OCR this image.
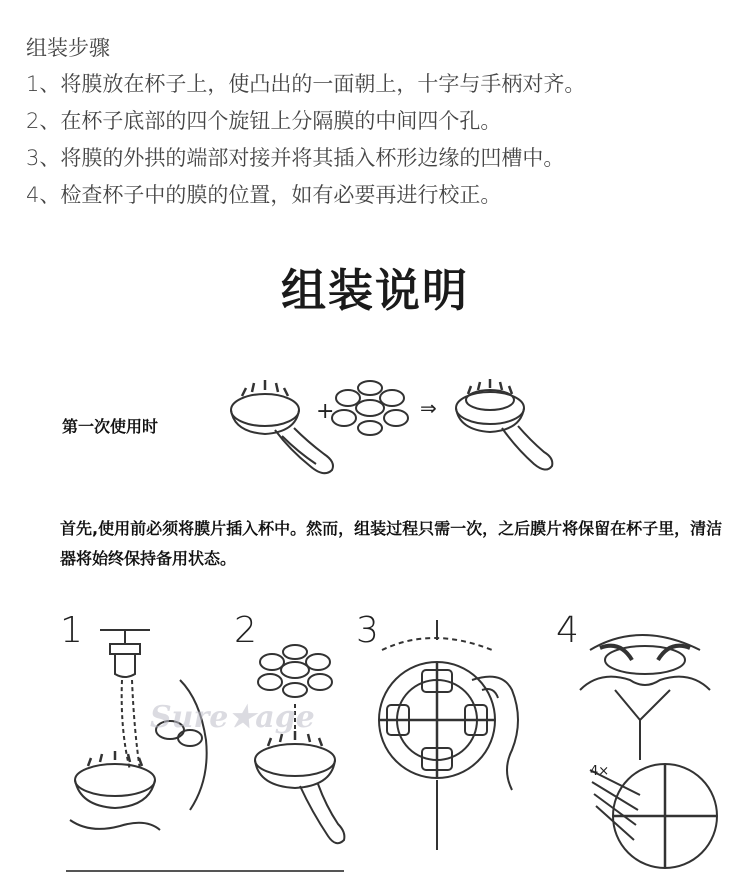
组装步骤
1、将膜放在杯子上，使凸出的一面朝上，十字与手柄对齐。
2、在杯子底部的四个旋钮上分隔膜的中间四个孔。
3、将膜的外拱的端部对接并将其插入杯形边缘的凹槽中。
4、检查杯子中的膜的位置，如有必要再进行校正。
组装说明
第一次使用时
+	⇒
首先,使用前必须将膜片插入杯中。然而，组装过程只需一次，之后膜片将保留在杯子里，清洁器将始终保持备用状态。
1	2	3	4
4×
Sure★age
